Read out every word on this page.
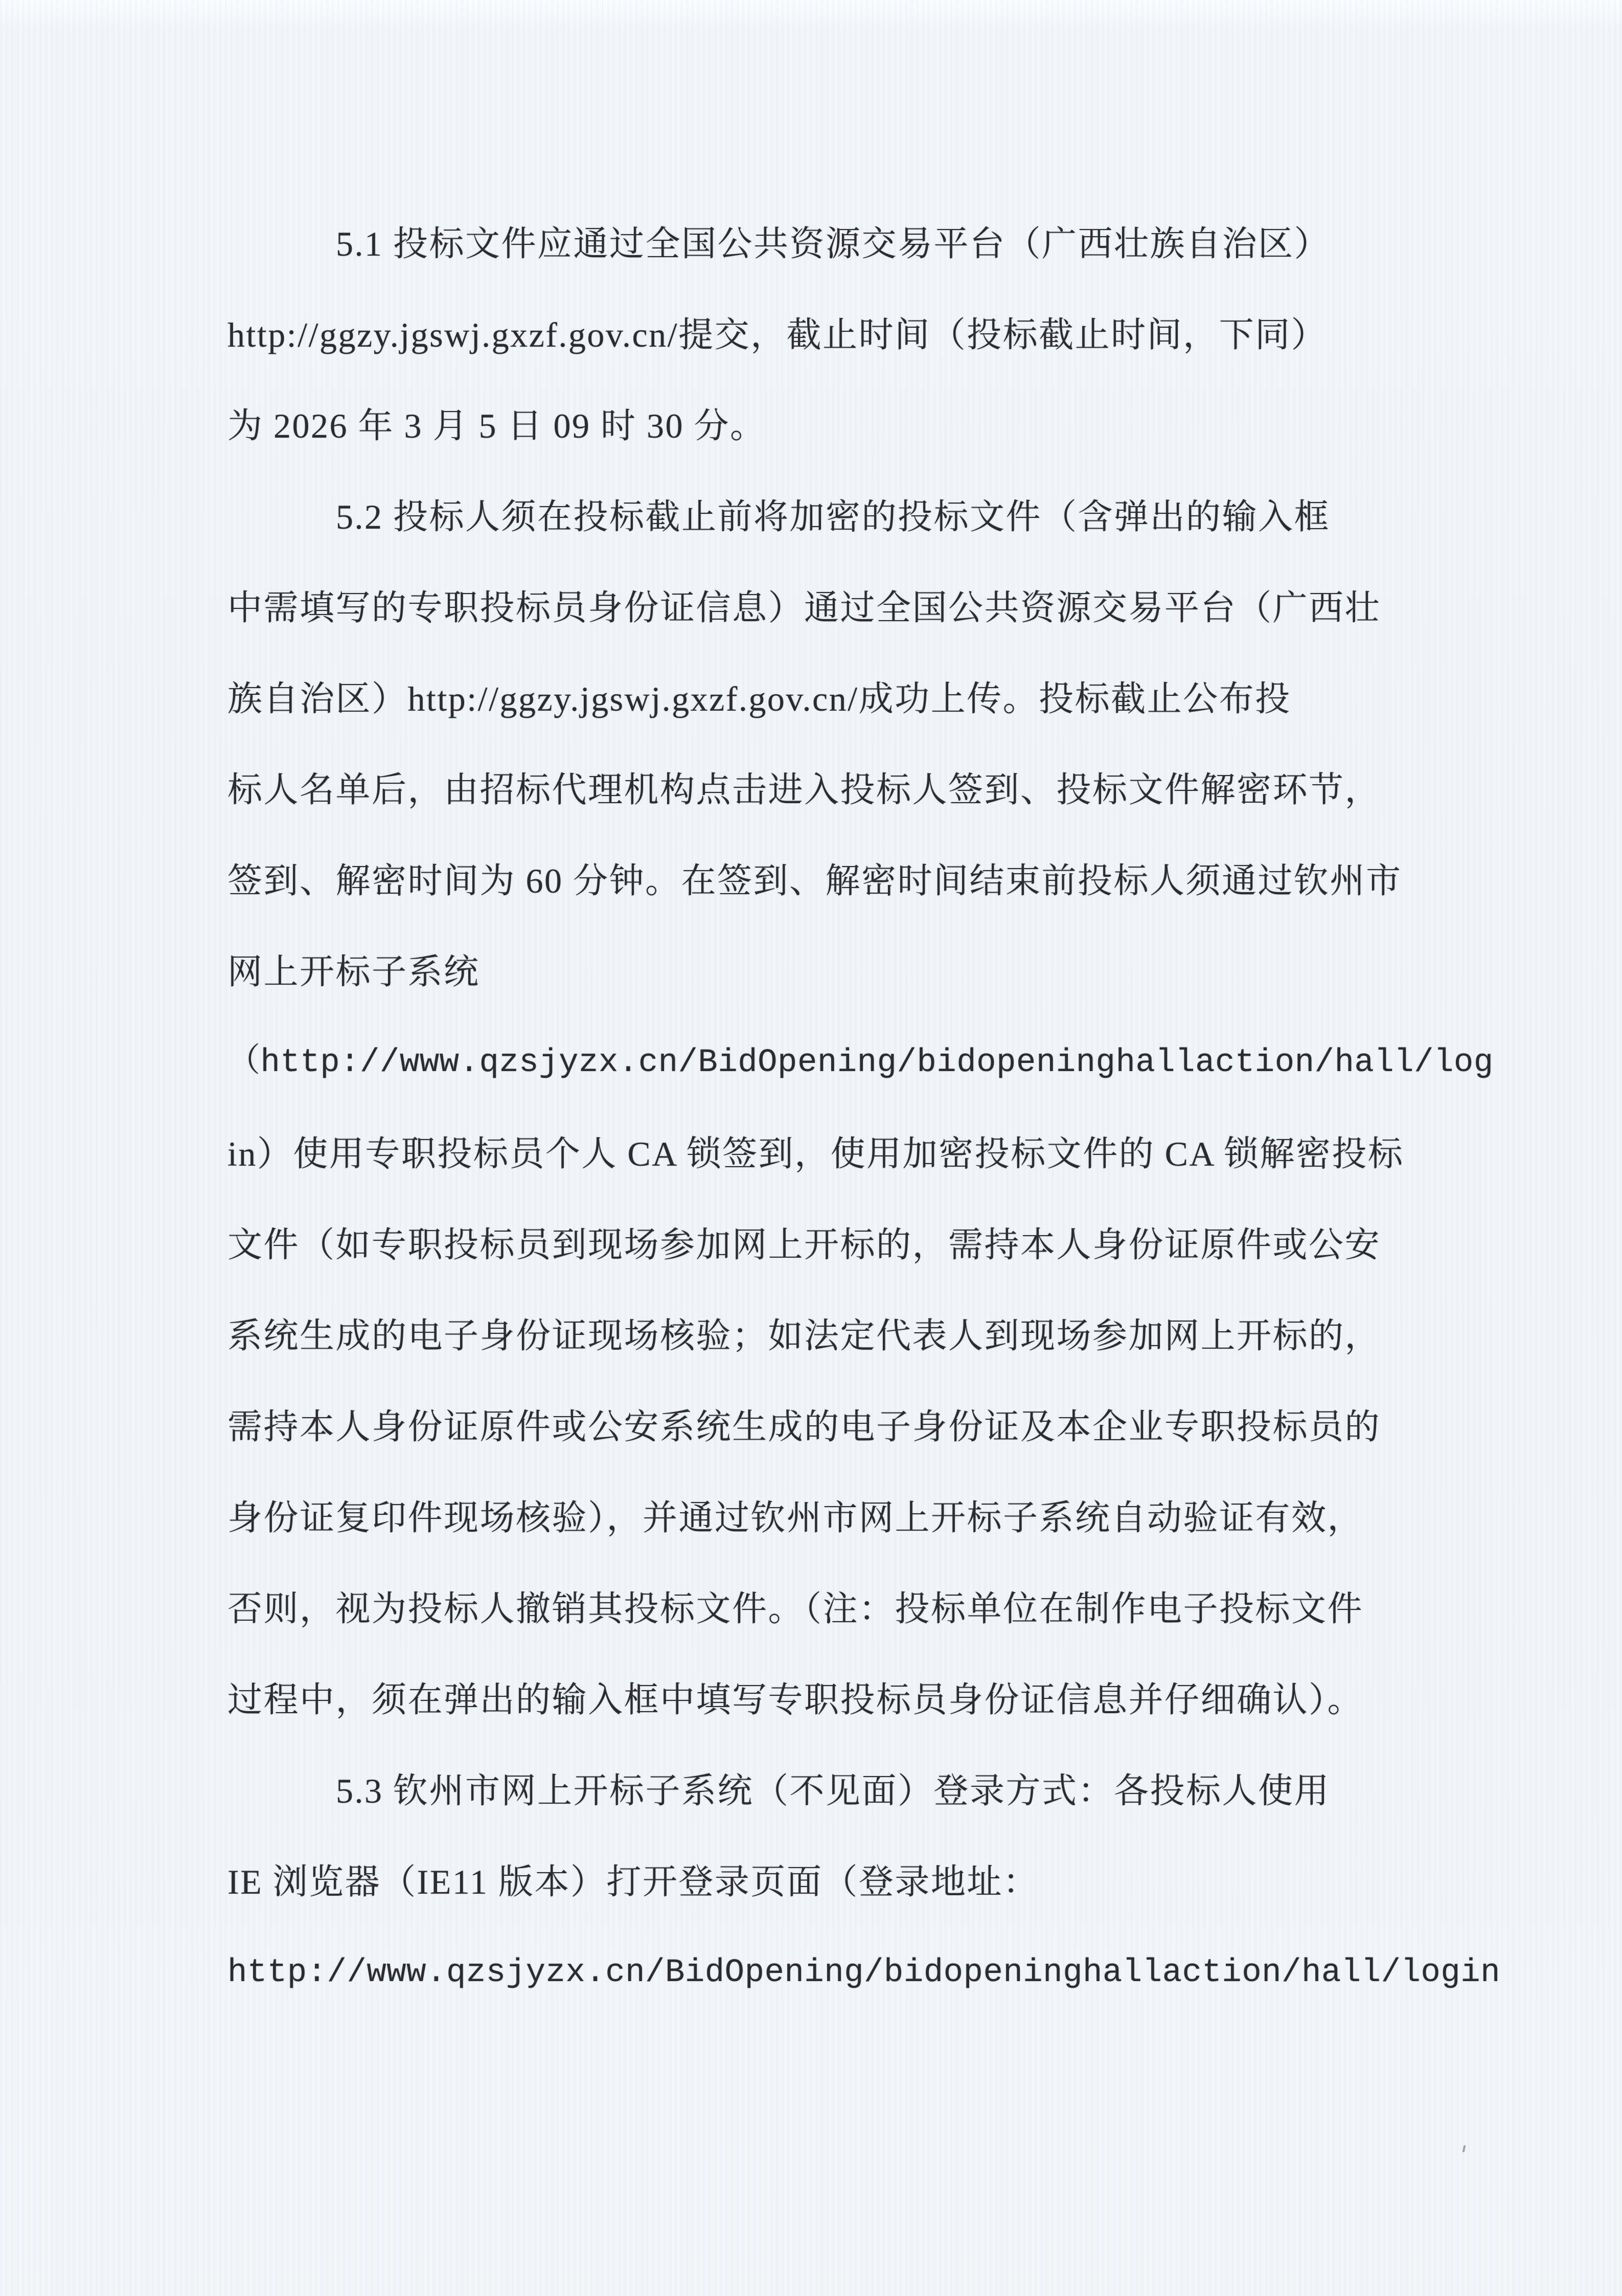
5.1 投标文件应通过全国公共资源交易平台（广西壮族自治区）
http://ggzy.jgswj.gxzf.gov.cn/提交，截止时间（投标截止时间，下同）
为 2026 年 3 月 5 日 09 时 30 分。
5.2 投标人须在投标截止前将加密的投标文件（含弹出的输入框
中需填写的专职投标员身份证信息）通过全国公共资源交易平台（广西壮
族自治区）http://ggzy.jgswj.gxzf.gov.cn/成功上传。投标截止公布投
标人名单后，由招标代理机构点击进入投标人签到、投标文件解密环节，
签到、解密时间为 60 分钟。在签到、解密时间结束前投标人须通过钦州市
网上开标子系统
（http://www.qzsjyzx.cn/BidOpening/bidopeninghallaction/hall/log
in）使用专职投标员个人 CA 锁签到，使用加密投标文件的 CA 锁解密投标
文件（如专职投标员到现场参加网上开标的，需持本人身份证原件或公安
系统生成的电子身份证现场核验；如法定代表人到现场参加网上开标的，
需持本人身份证原件或公安系统生成的电子身份证及本企业专职投标员的
身份证复印件现场核验），并通过钦州市网上开标子系统自动验证有效，
否则，视为投标人撤销其投标文件。（注：投标单位在制作电子投标文件
过程中，须在弹出的输入框中填写专职投标员身份证信息并仔细确认）。
5.3 钦州市网上开标子系统（不见面）登录方式：各投标人使用
IE 浏览器（IE11 版本）打开登录页面（登录地址：
http://www.qzsjyzx.cn/BidOpening/bidopeninghallaction/hall/login
